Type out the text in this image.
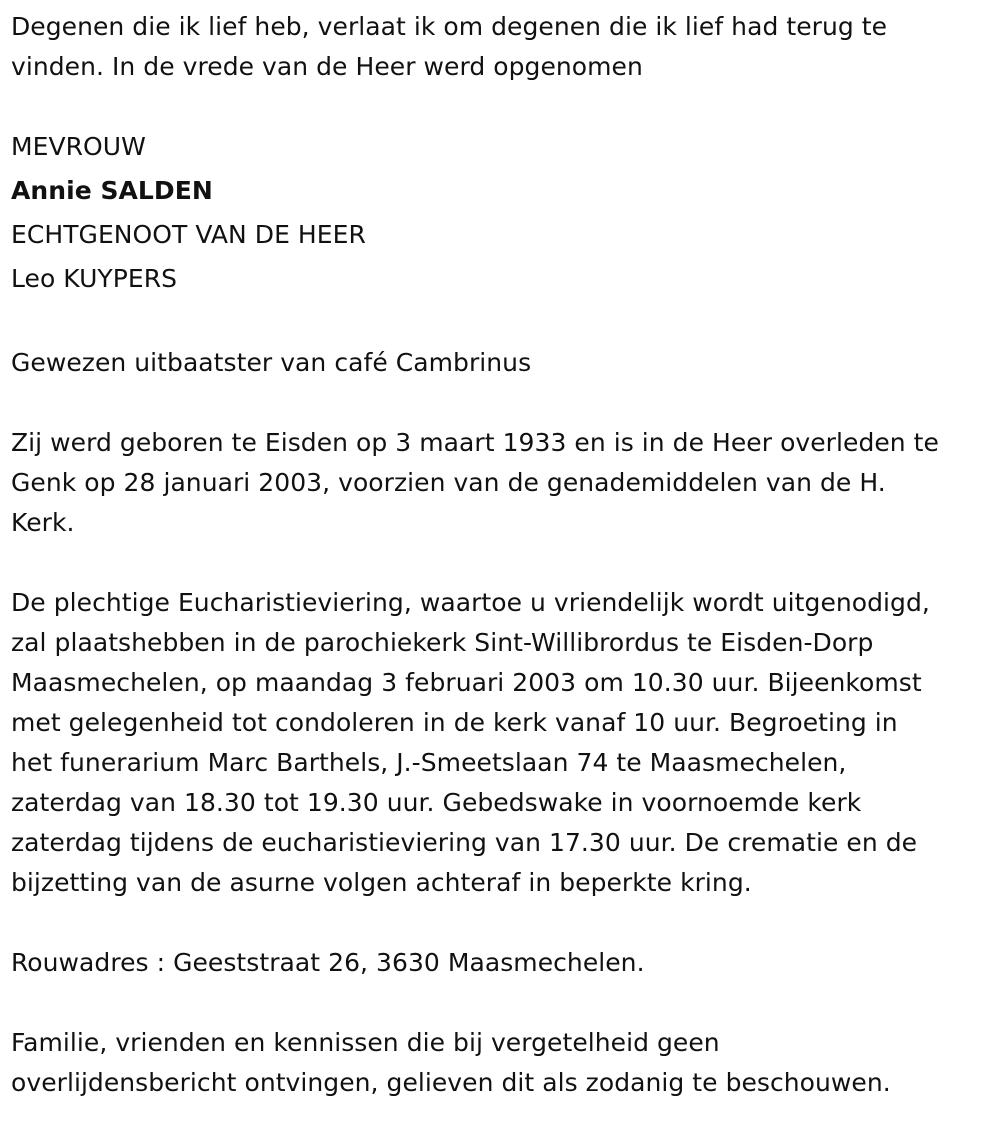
Degenen die ik lief heb, verlaat ik om degenen die ik lief had terug te
vinden. In de vrede van de Heer werd opgenomen
MEVROUW
Annie SALDEN
ECHTGENOOT VAN DE HEER
Leo KUYPERS
Gewezen uitbaatster van café Cambrinus
Zij werd geboren te Eisden op 3 maart 1933 en is in de Heer overleden te
Genk op 28 januari 2003, voorzien van de genademiddelen van de H.
Kerk.
De plechtige Eucharistieviering, waartoe u vriendelijk wordt uitgenodigd,
zal plaatshebben in de parochiekerk Sint-Willibrordus te Eisden-Dorp
Maasmechelen, op maandag 3 februari 2003 om 10.30 uur. Bijeenkomst
met gelegenheid tot condoleren in de kerk vanaf 10 uur. Begroeting in
het funerarium Marc Barthels, J.-Smeetslaan 74 te Maasmechelen,
zaterdag van 18.30 tot 19.30 uur. Gebedswake in voornoemde kerk
zaterdag tijdens de eucharistieviering van 17.30 uur. De crematie en de
bijzetting van de asurne volgen achteraf in beperkte kring.
Rouwadres : Geeststraat 26, 3630 Maasmechelen.
Familie, vrienden en kennissen die bij vergetelheid geen
overlijdensbericht ontvingen, gelieven dit als zodanig te beschouwen.
